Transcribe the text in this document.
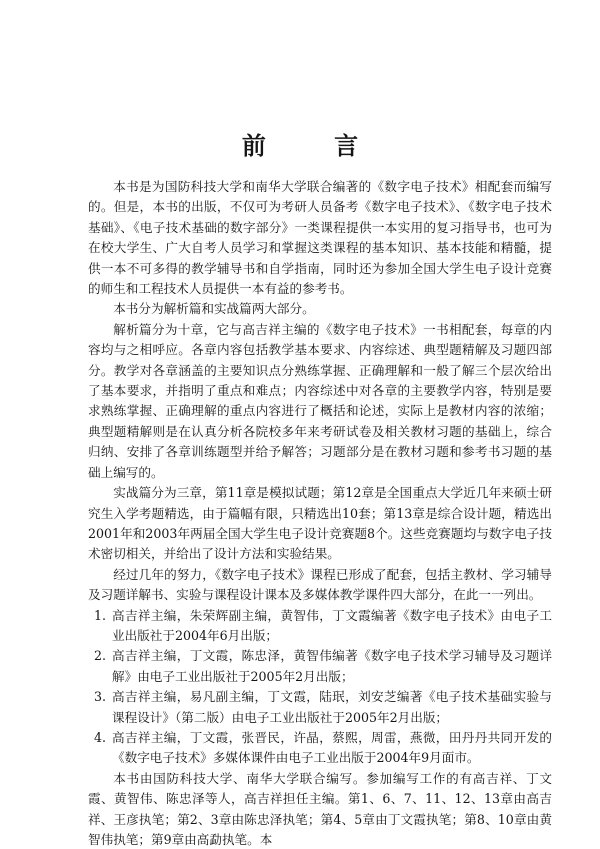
前 言

本书是为国防科技大学和南华大学联合编著的《数字电子技术》相配套而编写的。但是，本书的出版，不仅可为考研人员备考《数字电子技术》、《数字电子技术基础》、《电子技术基础的数字部分》一类课程提供一本实用的复习指导书，也可为在校大学生、广大自考人员学习和掌握这类课程的基本知识、基本技能和精髓，提供一本不可多得的教学辅导书和自学指南，同时还为参加全国大学生电子设计竞赛的师生和工程技术人员提供一本有益的参考书。

本书分为解析篇和实战篇两大部分。

解析篇分为十章，它与高吉祥主编的《数字电子技术》一书相配套，每章的内容均与之相呼应。各章内容包括教学基本要求、内容综述、典型题精解及习题四部分。教学对各章涵盖的主要知识点分熟练掌握、正确理解和一般了解三个层次给出了基本要求，并指明了重点和难点；内容综述中对各章的主要教学内容，特别是要求熟练掌握、正确理解的重点内容进行了概括和论述，实际上是教材内容的浓缩；典型题精解则是在认真分析各院校多年来考研试卷及相关教材习题的基础上，综合归纳、安排了各章训练题型并给予解答；习题部分是在教材习题和参考书习题的基础上编写的。

实战篇分为三章，第11章是模拟试题；第12章是全国重点大学近几年来硕士研究生入学考题精选，由于篇幅有限，只精选出10套；第13章是综合设计题，精选出2001年和2003年两届全国大学生电子设计竞赛题8个。这些竞赛题均与数字电子技术密切相关，并给出了设计方法和实验结果。

经过几年的努力，《数字电子技术》课程已形成了配套，包括主教材、学习辅导及习题详解书、实验与课程设计课本及多媒体教学课件四大部分，在此一一列出。

1. 高吉祥主编，朱荣辉副主编，黄智伟，丁文霞编著《数字电子技术》由电子工业出版社于2004年6月出版；
2. 高吉祥主编，丁文霞，陈忠泽，黄智伟编著《数字电子技术学习辅导及习题详解》由电子工业出版社于2005年2月出版；
3. 高吉祥主编，易凡副主编，丁文霞，陆珉，刘安芝编著《电子技术基础实验与课程设计》（第二版）由电子工业出版社于2005年2月出版；
4. 高吉祥主编，丁文霞，张晋民，许晶，蔡熙，周雷，燕微，田丹丹共同开发的《数字电子技术》多媒体课件由电子工业出版于2004年9月面市。

本书由国防科技大学、南华大学联合编写。参加编写工作的有高吉祥、丁文霞、黄智伟、陈忠泽等人，高吉祥担任主编。第1、6、7、11、12、13章由高吉祥、王彦执笔；第2、3章由陈忠泽执笔；第4、5章由丁文霞执笔；第8、10章由黄智伟执笔；第9章由高勐执笔。本
